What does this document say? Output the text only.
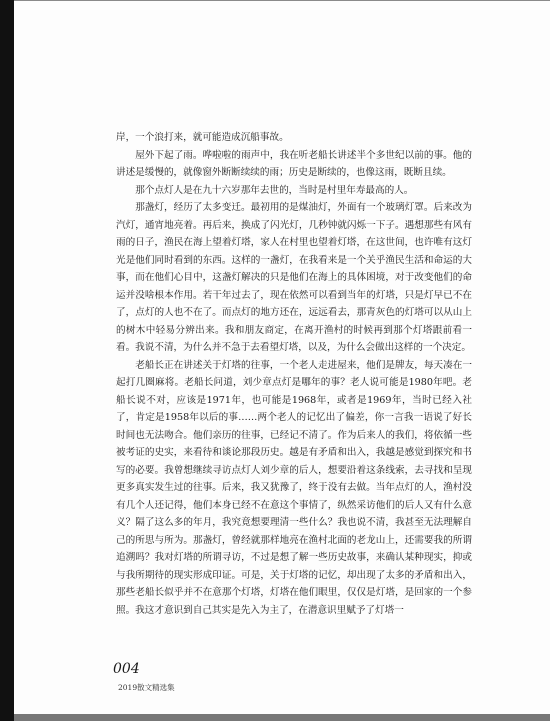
岸，一个浪打来，就可能造成沉船事故。

屋外下起了雨。哗啦啦的雨声中，我在听老船长讲述半个多世纪以前的事。他的讲述是缓慢的，就像窗外断断续续的雨；历史是断续的，也像这雨，既断且续。

那个点灯人是在九十六岁那年去世的，当时是村里年寿最高的人。

那盏灯，经历了太多变迁。最初用的是煤油灯，外面有一个玻璃灯罩。后来改为汽灯，通宵地亮着。再后来，换成了闪光灯，几秒钟就闪烁一下子。遇想那些有风有雨的日子，渔民在海上望着灯塔，家人在村里也望着灯塔，在这世间，也许唯有这灯光是他们同时看到的东西。这样的一盏灯，在我看来是一个关乎渔民生活和命运的大事，而在他们心目中，这盏灯解决的只是他们在海上的具体困境，对于改变他们的命运并没啥根本作用。若干年过去了，现在依然可以看到当年的灯塔，只是灯早已不在了，点灯的人也不在了。而点灯的地方还在，远远看去，那青灰色的灯塔可以从山上的树木中轻易分辨出来。我和朋友商定，在离开渔村的时候再到那个灯塔跟前看一看。我说不清，为什么并不急于去看望灯塔，以及，为什么会做出这样的一个决定。

老船长正在讲述关于灯塔的往事，一个老人走进屋来，他们是牌友，每天凑在一起打几圈麻将。老船长问道，刘少章点灯是哪年的事？老人说可能是1980年吧。老船长说不对，应该是1971年，也可能是1968年，或者是1969年，当时已经入社了，肯定是1958年以后的事……两个老人的记忆出了偏差，你一言我一语说了好长时间也无法吻合。他们亲历的往事，已经记不清了。作为后来人的我们，将依循一些被考证的史实，来看待和谈论那段历史。越是有矛盾和出入，我越是感觉到探究和书写的必要。我曾想继续寻访点灯人刘少章的后人，想要沿着这条线索，去寻找和呈现更多真实发生过的往事。后来，我又犹豫了，终于没有去做。当年点灯的人，渔村没有几个人还记得，他们本身已经不在意这个事情了，纵然采访他们的后人又有什么意义？隔了这么多的年月，我究竟想要理清一些什么？我也说不清，我甚至无法理解自己的所思与所为。那盏灯，曾经就那样地亮在渔村北面的老龙山上，还需要我的所谓追溯吗？我对灯塔的所谓寻访，不过是想了解一些历史故事，来确认某种现实，抑或与我所期待的现实形成印证。可是，关于灯塔的记忆，却出现了太多的矛盾和出入，那些老船长似乎并不在意那个灯塔，灯塔在他们眼里，仅仅是灯塔，是回家的一个参照。我这才意识到自己其实是先入为主了，在潜意识里赋予了灯塔一

004
2019散文精选集
